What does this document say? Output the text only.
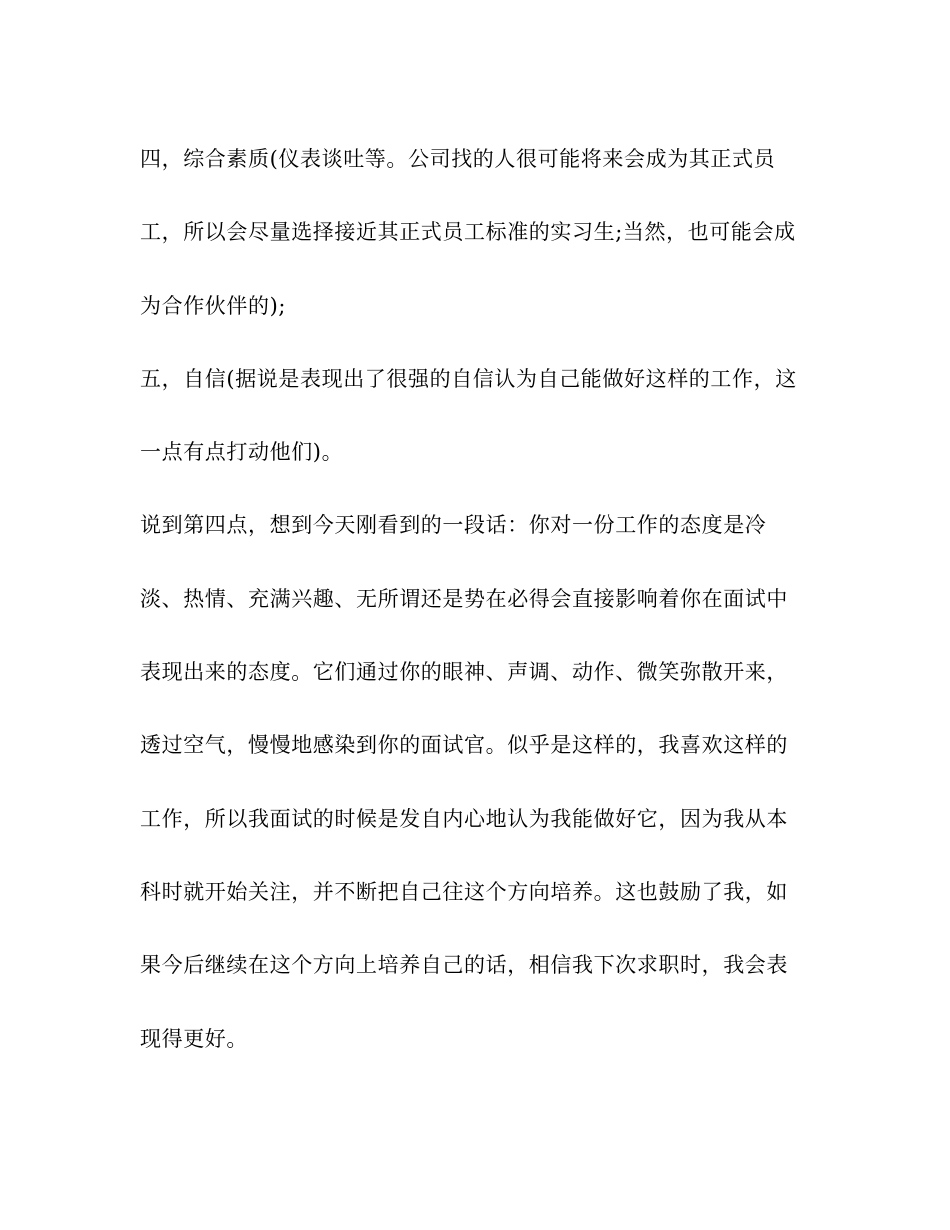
四，综合素质(仪表谈吐等。公司找的人很可能将来会成为其正式员
工，所以会尽量选择接近其正式员工标准的实习生;当然，也可能会成
为合作伙伴的);
五，自信(据说是表现出了很强的自信认为自己能做好这样的工作，这
一点有点打动他们)。
说到第四点，想到今天刚看到的一段话：你对一份工作的态度是冷
淡、热情、充满兴趣、无所谓还是势在必得会直接影响着你在面试中
表现出来的态度。它们通过你的眼神、声调、动作、微笑弥散开来，
透过空气，慢慢地感染到你的面试官。似乎是这样的，我喜欢这样的
工作，所以我面试的时候是发自内心地认为我能做好它，因为我从本
科时就开始关注，并不断把自己往这个方向培养。这也鼓励了我，如
果今后继续在这个方向上培养自己的话，相信我下次求职时，我会表
现得更好。
